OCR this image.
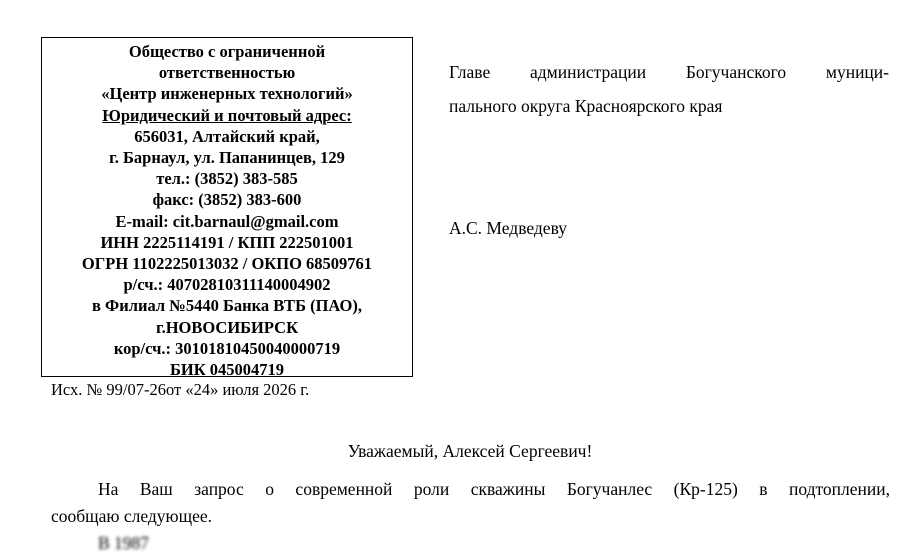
Общество с ограниченной
ответственностью
«Центр инженерных технологий»
Юридический и почтовый адрес:
656031, Алтайский край,
г. Барнаул, ул. Папанинцев, 129
тел.: (3852) 383-585
факс: (3852) 383-600
E-mail: cit.barnaul@gmail.com
ИНН 2225114191 / КПП 222501001
ОГРН 1102225013032 / ОКПО 68509761
р/сч.: 40702810311140004902
в Филиал №5440 Банка ВТБ (ПАО),
г.НОВОСИБИРСК
кор/сч.: 30101810450040000719
БИК 045004719
Исх. № 99/07-26от «24» июля 2026 г.
Главе администрации Богучанского муници-
пального округа Красноярского края
А.С. Медведеву
Уважаемый, Алексей Сергеевич!
На Ваш запрос о современной роли скважины Богучанлес (Кр-125) в подтоплении,
сообщаю следующее.
В 1987
